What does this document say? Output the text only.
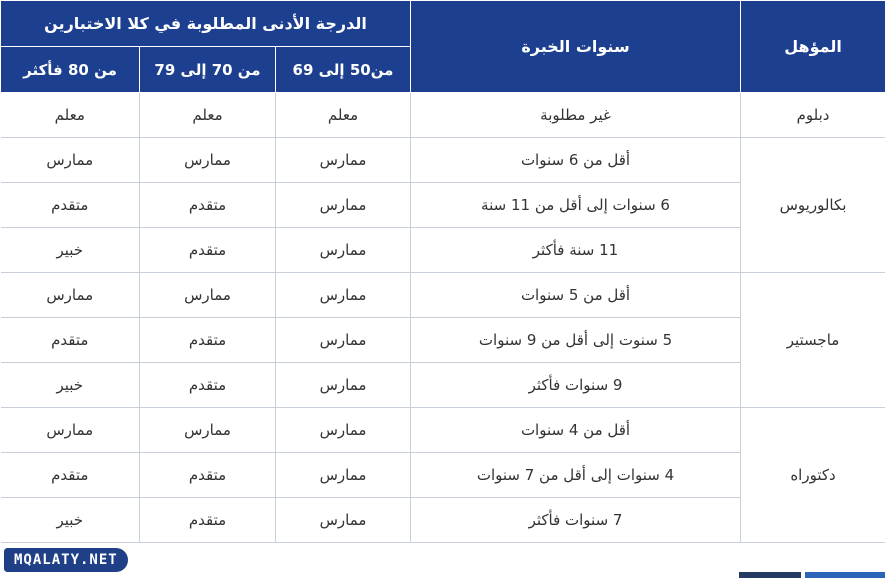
المؤهل	سنوات الخبرة	الدرجة الأدنى المطلوبة في كلا الاختبارين		
		من50 إلى 69	من 70 إلى 79	من 80 فأكثر
دبلوم	غير مطلوبة	معلم	معلم	معلم
بكالوريوس	أقل من 6 سنوات	ممارس	ممارس	ممارس
	6 سنوات إلى أقل من 11 سنة	ممارس	متقدم	متقدم
	11 سنة فأكثر	ممارس	متقدم	خبير
ماجستير	أقل من 5 سنوات	ممارس	ممارس	ممارس
	5 سنوت إلى أقل من 9 سنوات	ممارس	متقدم	متقدم
	9 سنوات فأكثر	ممارس	متقدم	خبير
دكتوراه	أقل من 4 سنوات	ممارس	ممارس	ممارس
	4 سنوات إلى أقل من 7 سنوات	ممارس	متقدم	متقدم
	7 سنوات فأكثر	ممارس	متقدم	خبير
MQALATY.NET
